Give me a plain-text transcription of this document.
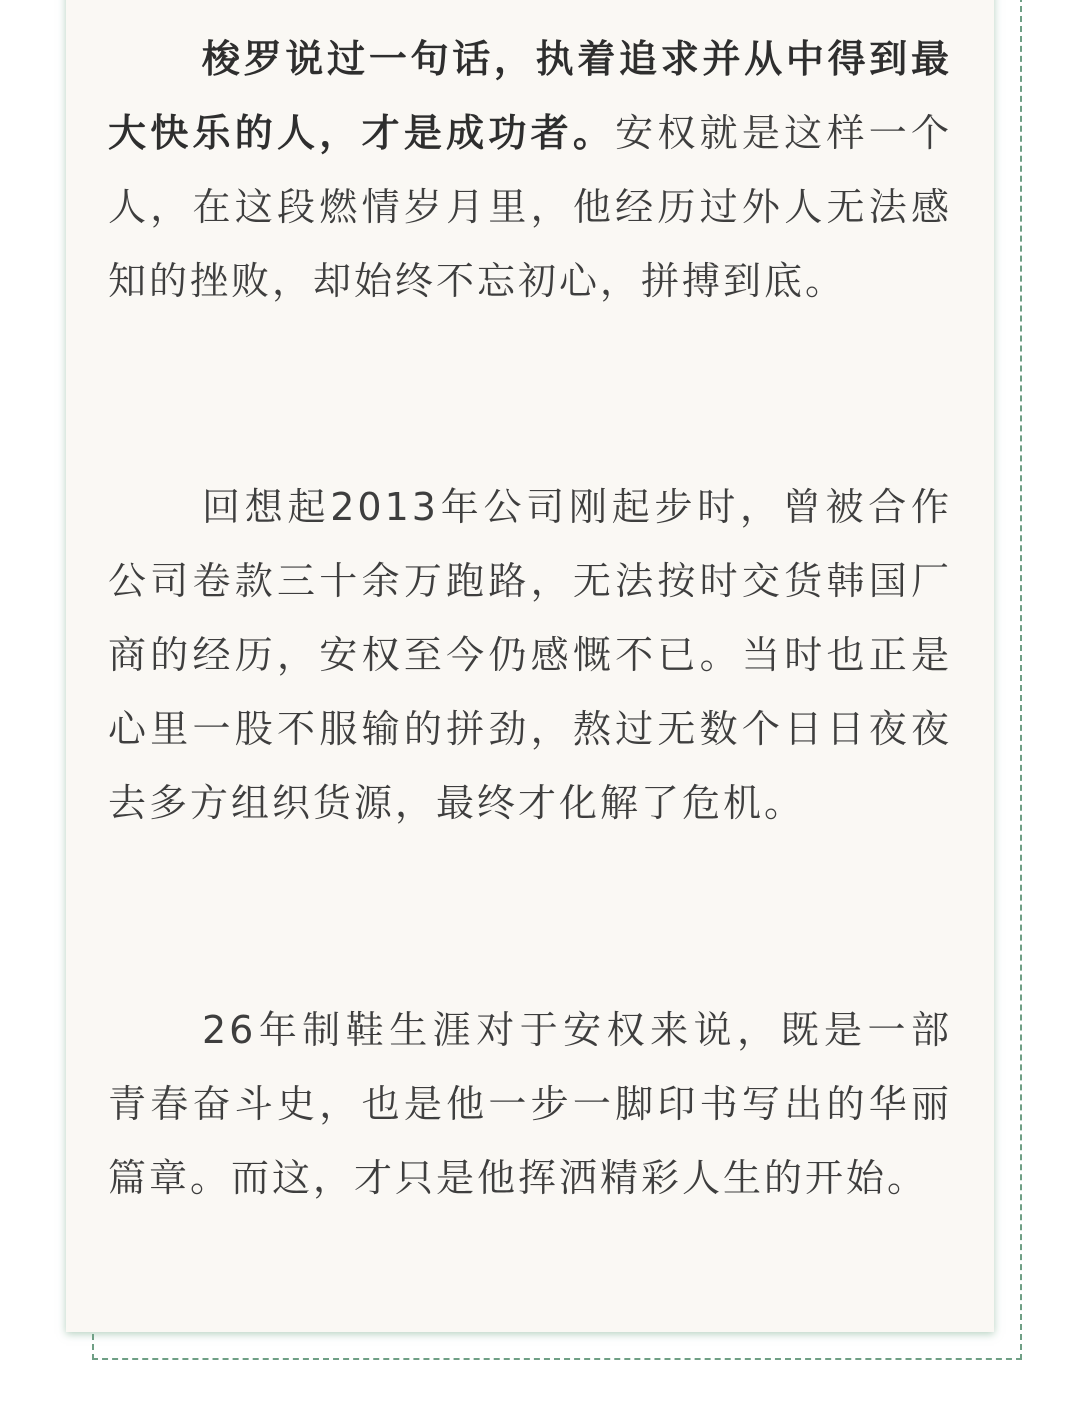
梭罗说过一句话，执着追求并从中得到最大快乐的人，才是成功者。安权就是这样一个人，在这段燃情岁月里，他经历过外人无法感知的挫败，却始终不忘初心，拼搏到底。

回想起2013年公司刚起步时，曾被合作公司卷款三十余万跑路，无法按时交货韩国厂商的经历，安权至今仍感慨不已。当时也正是心里一股不服输的拼劲，熬过无数个日日夜夜去多方组织货源，最终才化解了危机。

26年制鞋生涯对于安权来说，既是一部青春奋斗史，也是他一步一脚印书写出的华丽篇章。而这，才只是他挥洒精彩人生的开始。
